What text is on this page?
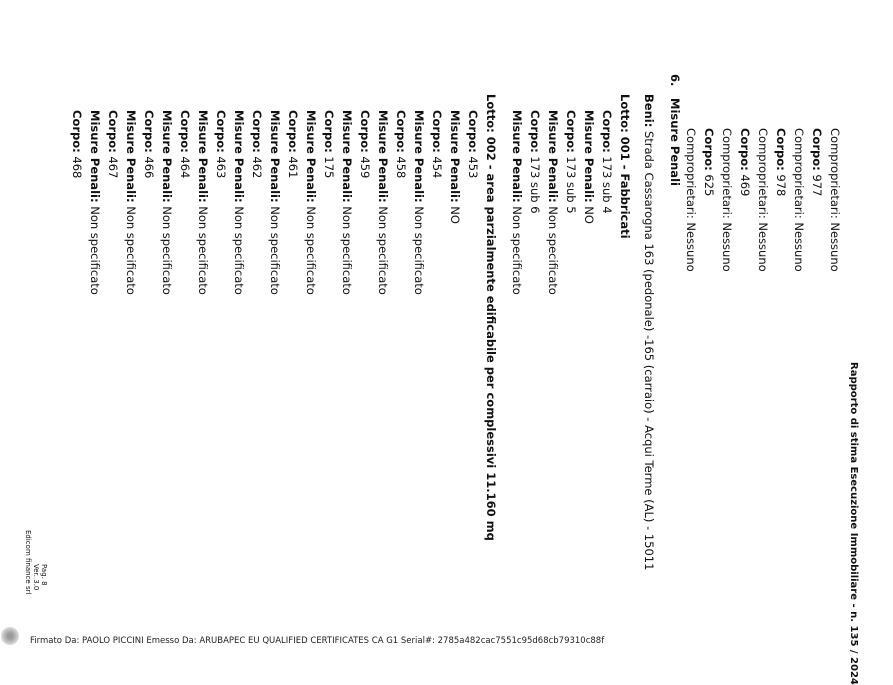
Rapporto di stima Esecuzione Immobiliare - n. 135 / 2024
Comproprietari: Nessuno
Corpo: 977
Comproprietari: Nessuno
Corpo: 978
Comproprietari: Nessuno
Corpo: 469
Comproprietari: Nessuno
Corpo: 625
Comproprietari: Nessuno
6.
Misure Penali
Beni: Strada Cassarogna 163 (pedonale) -165 (carraio) - Acqui Terme (AL) - 15011
Lotto: 001 - Fabbricati
Corpo: 173 sub 4
Misure Penali: NO
Corpo: 173 sub 5
Misure Penali: Non specificato
Corpo: 173 sub 6
Misure Penali: Non specificato
Lotto: 002 - area parzialmente edificabile per complessivi 11.160 mq
Corpo: 453
Misure Penali: NO
Corpo: 454
Misure Penali: Non specificato
Corpo: 458
Misure Penali: Non specificato
Corpo: 459
Misure Penali: Non specificato
Corpo: 175
Misure Penali: Non specificato
Corpo: 461
Misure Penali: Non specificato
Corpo: 462
Misure Penali: Non specificato
Corpo: 463
Misure Penali: Non specificato
Corpo: 464
Misure Penali: Non specificato
Corpo: 466
Misure Penali: Non specificato
Corpo: 467
Misure Penali: Non specificato
Corpo: 468
Pag. 8
Ver. 3.0
Edicom finance srl
Firmato Da: PAOLO PICCINI Emesso Da: ARUBAPEC EU QUALIFIED CERTIFICATES CA G1 Serial#: 2785a482cac7551c95d68cb79310c88f
